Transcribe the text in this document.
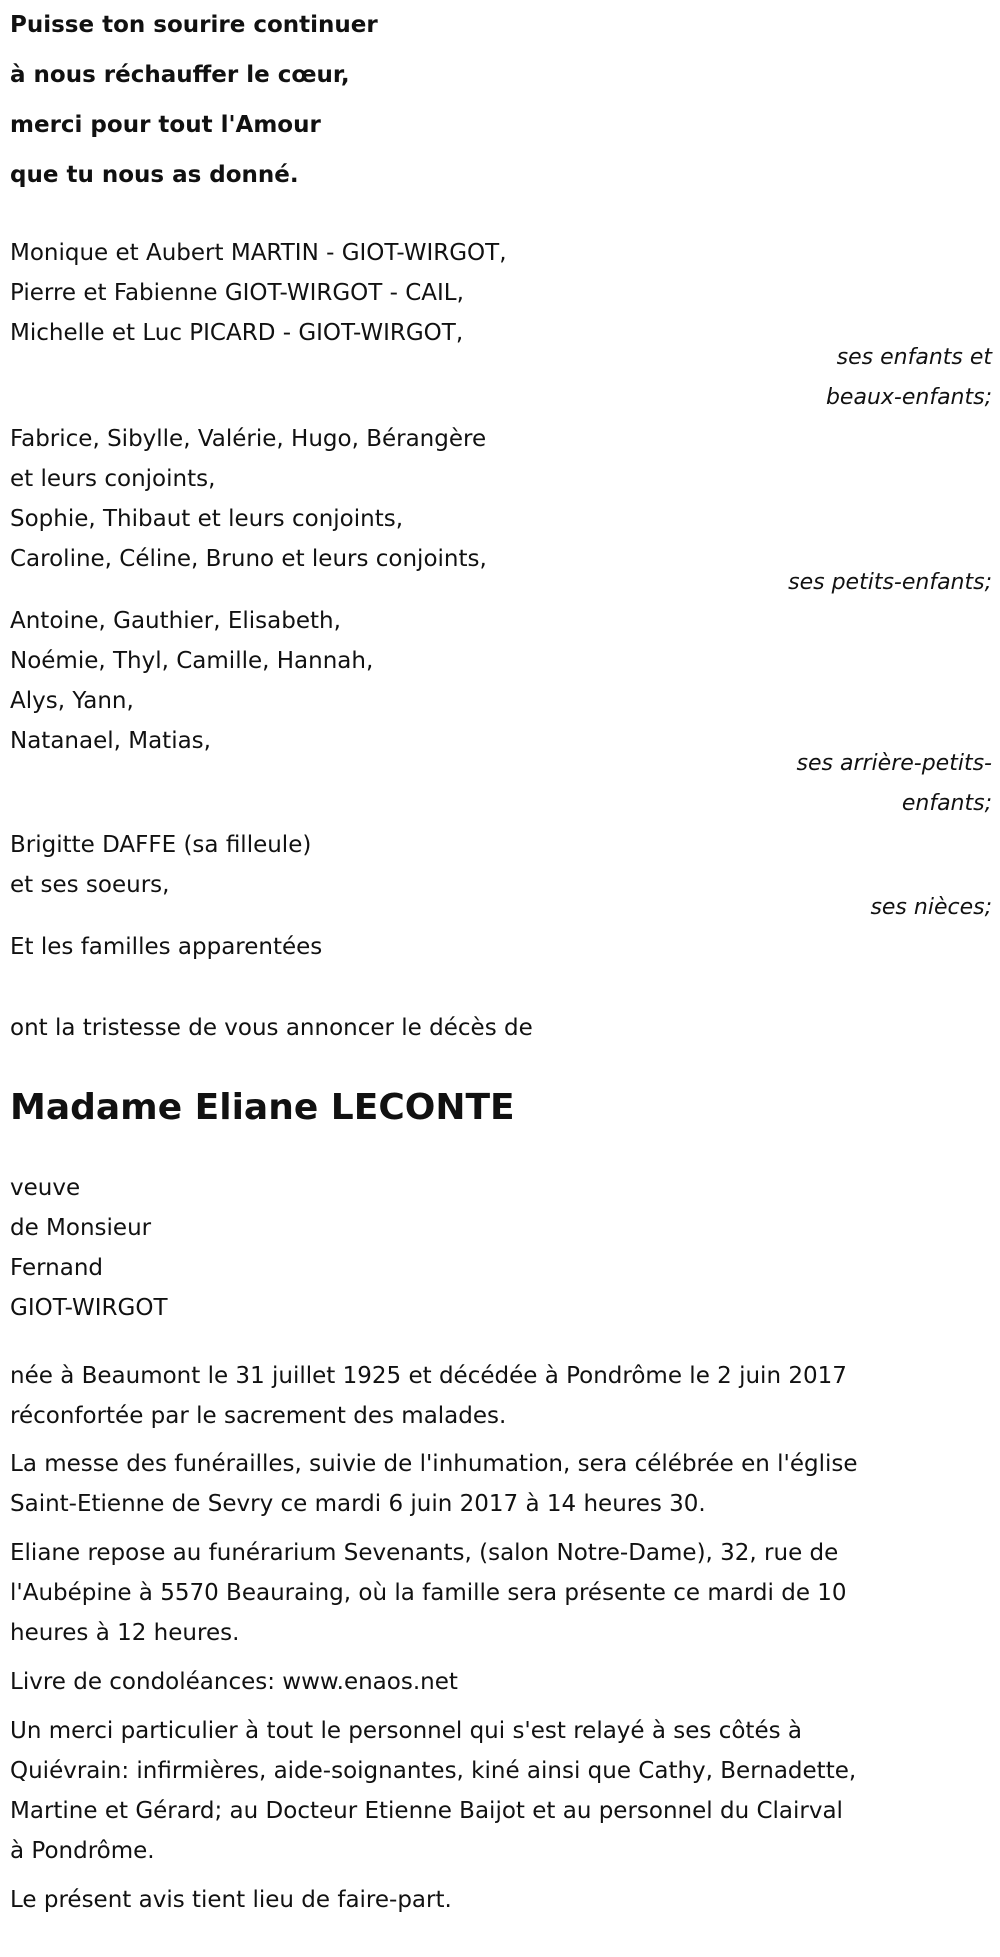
Puisse ton sourire continuer
à nous réchauffer le cœur,
merci pour tout l'Amour
que tu nous as donné.
Monique et Aubert MARTIN - GIOT-WIRGOT,
Pierre et Fabienne GIOT-WIRGOT - CAIL,
Michelle et Luc PICARD - GIOT-WIRGOT,
ses enfants et
beaux-enfants;
Fabrice, Sibylle, Valérie, Hugo, Bérangère
et leurs conjoints,
Sophie, Thibaut et leurs conjoints,
Caroline, Céline, Bruno et leurs conjoints,
ses petits-enfants;
Antoine, Gauthier, Elisabeth,
Noémie, Thyl, Camille, Hannah,
Alys, Yann,
Natanael, Matias,
ses arrière-petits-
enfants;
Brigitte DAFFE (sa filleule)
et ses soeurs,
ses nièces;
Et les familles apparentées
ont la tristesse de vous annoncer le décès de
Madame Eliane LECONTE
veuve
de Monsieur
Fernand
GIOT-WIRGOT
née à Beaumont le 31 juillet 1925 et décédée à Pondrôme le 2 juin 2017
réconfortée par le sacrement des malades.
La messe des funérailles, suivie de l'inhumation, sera célébrée en l'église
Saint-Etienne de Sevry ce mardi 6 juin 2017 à 14 heures 30.
Eliane repose au funérarium Sevenants, (salon Notre-Dame), 32, rue de
l'Aubépine à 5570 Beauraing, où la famille sera présente ce mardi de 10
heures à 12 heures.
Livre de condoléances: www.enaos.net
Un merci particulier à tout le personnel qui s'est relayé à ses côtés à
Quiévrain: infirmières, aide-soignantes, kiné ainsi que Cathy, Bernadette,
Martine et Gérard; au Docteur Etienne Baijot et au personnel du Clairval
à Pondrôme.
Le présent avis tient lieu de faire-part.
